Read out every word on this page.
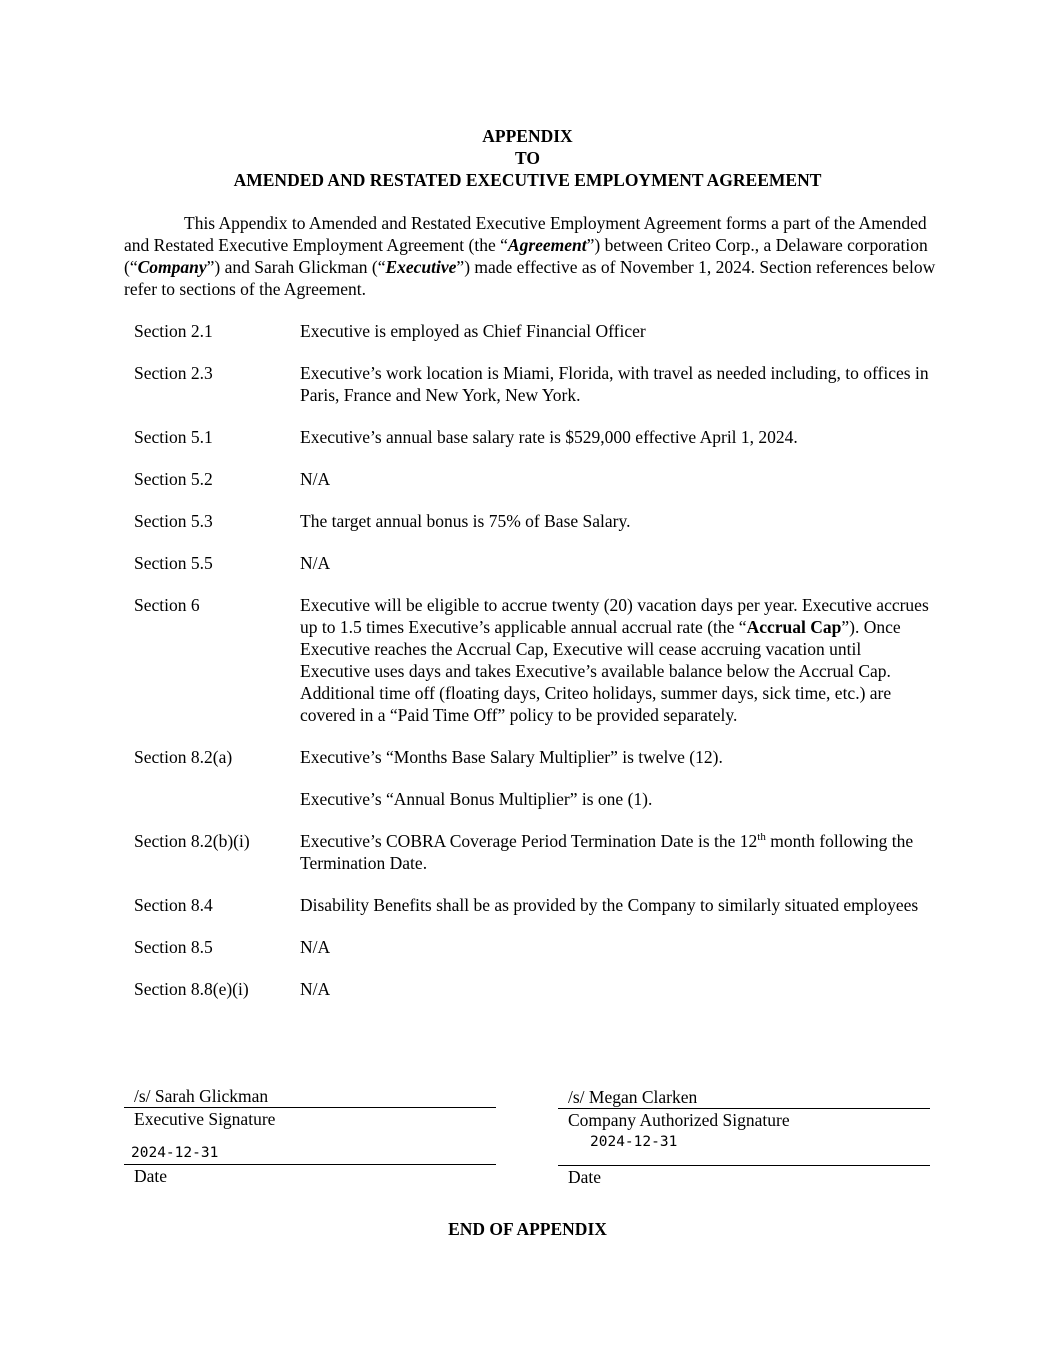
APPENDIX
TO
AMENDED AND RESTATED EXECUTIVE EMPLOYMENT AGREEMENT
This Appendix to Amended and Restated Executive Employment Agreement forms a part of the Amended and Restated Executive Employment Agreement (the “Agreement”) between Criteo Corp., a Delaware corporation (“Company”) and Sarah Glickman (“Executive”) made effective as of November 1, 2024. Section references below refer to sections of the Agreement.
Section 2.1	Executive is employed as Chief Financial Officer
Section 2.3	Executive’s work location is Miami, Florida, with travel as needed including, to offices in Paris, France and New York, New York.
Section 5.1	Executive’s annual base salary rate is $529,000 effective April 1, 2024.
Section 5.2	N/A
Section 5.3	The target annual bonus is 75% of Base Salary.
Section 5.5	N/A
Section 6	Executive will be eligible to accrue twenty (20) vacation days per year. Executive accrues up to 1.5 times Executive’s applicable annual accrual rate (the “Accrual Cap”). Once Executive reaches the Accrual Cap, Executive will cease accruing vacation until Executive uses days and takes Executive’s available balance below the Accrual Cap. Additional time off (floating days, Criteo holidays, summer days, sick time, etc.) are covered in a “Paid Time Off” policy to be provided separately.
Section 8.2(a)	Executive’s “Months Base Salary Multiplier” is twelve (12).

Executive’s “Annual Bonus Multiplier” is one (1).

Section 8.2(b)(i)	Executive’s COBRA Coverage Period Termination Date is the 12th month following the Termination Date.
Section 8.4	Disability Benefits shall be as provided by the Company to similarly situated employees
Section 8.5	N/A
Section 8.8(e)(i)	N/A
/s/ Sarah Glickman
Executive Signature
2024-12-31
Date
/s/ Megan Clarken
Company Authorized Signature
2024-12-31
Date
END OF APPENDIX
